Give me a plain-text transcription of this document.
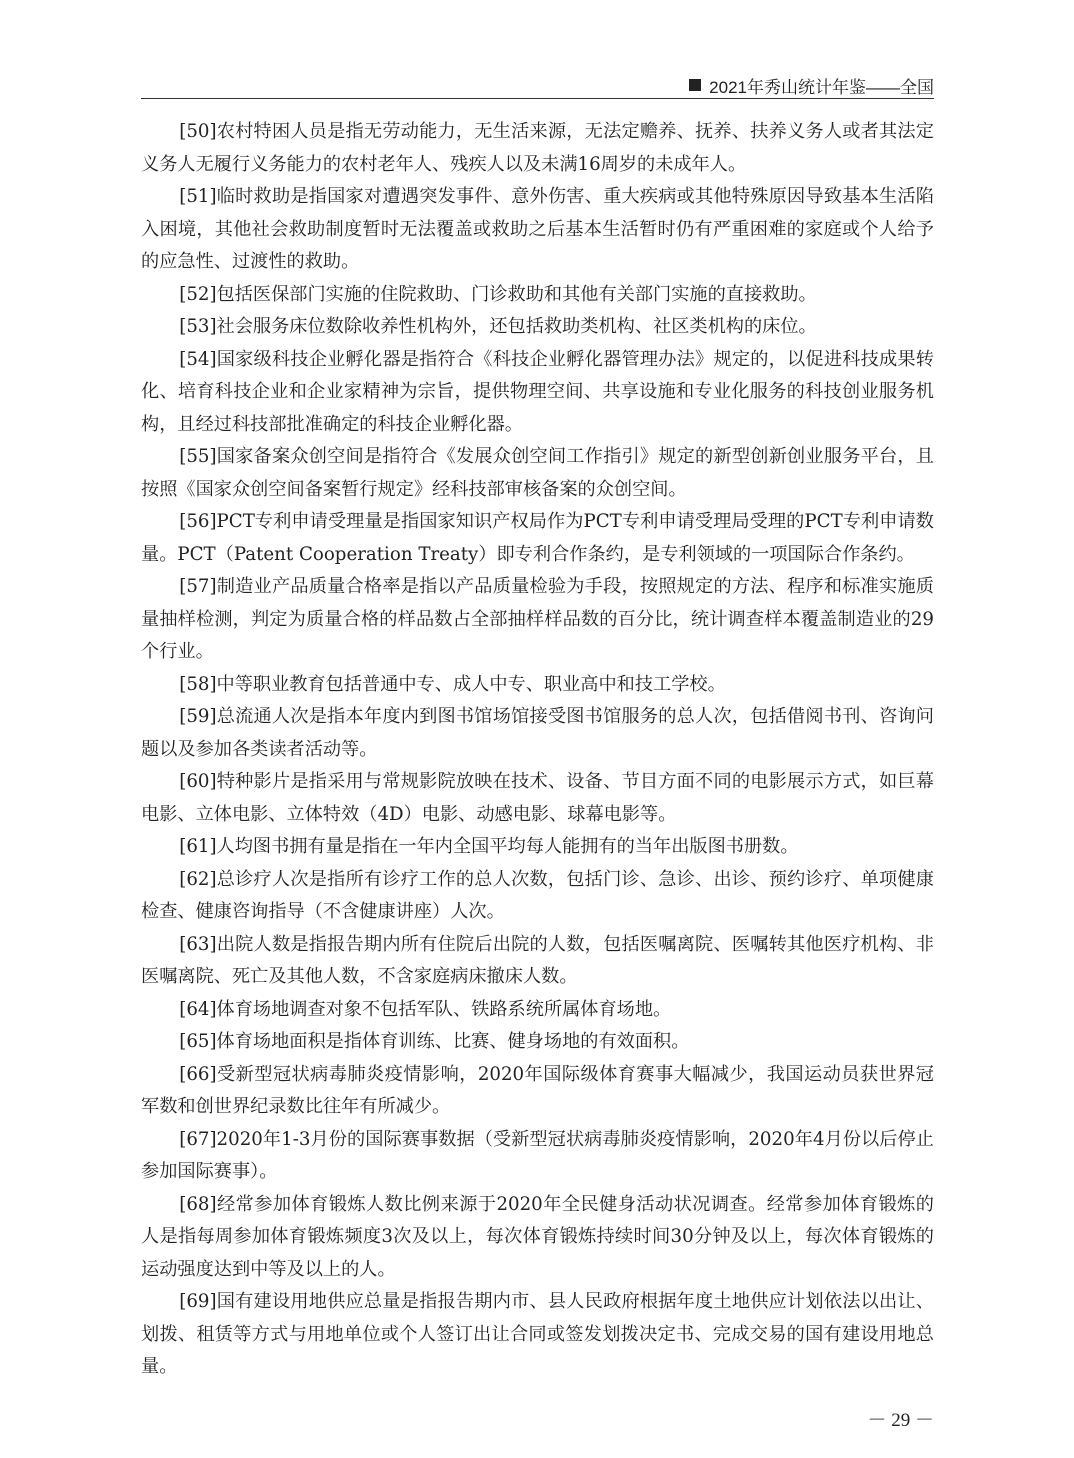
2021年秀山统计年鉴——全国

[50]农村特困人员是指无劳动能力，无生活来源，无法定赡养、抚养、扶养义务人或者其法定义务人无履行义务能力的农村老年人、残疾人以及未满16周岁的未成年人。

[51]临时救助是指国家对遭遇突发事件、意外伤害、重大疾病或其他特殊原因导致基本生活陷入困境，其他社会救助制度暂时无法覆盖或救助之后基本生活暂时仍有严重困难的家庭或个人给予的应急性、过渡性的救助。

[52]包括医保部门实施的住院救助、门诊救助和其他有关部门实施的直接救助。

[53]社会服务床位数除收养性机构外，还包括救助类机构、社区类机构的床位。

[54]国家级科技企业孵化器是指符合《科技企业孵化器管理办法》规定的，以促进科技成果转化、培育科技企业和企业家精神为宗旨，提供物理空间、共享设施和专业化服务的科技创业服务机构，且经过科技部批准确定的科技企业孵化器。

[55]国家备案众创空间是指符合《发展众创空间工作指引》规定的新型创新创业服务平台，且按照《国家众创空间备案暂行规定》经科技部审核备案的众创空间。

[56]PCT专利申请受理量是指国家知识产权局作为PCT专利申请受理局受理的PCT专利申请数量。PCT（Patent Cooperation Treaty）即专利合作条约，是专利领域的一项国际合作条约。

[57]制造业产品质量合格率是指以产品质量检验为手段，按照规定的方法、程序和标准实施质量抽样检测，判定为质量合格的样品数占全部抽样样品数的百分比，统计调查样本覆盖制造业的29个行业。

[58]中等职业教育包括普通中专、成人中专、职业高中和技工学校。

[59]总流通人次是指本年度内到图书馆场馆接受图书馆服务的总人次，包括借阅书刊、咨询问题以及参加各类读者活动等。

[60]特种影片是指采用与常规影院放映在技术、设备、节目方面不同的电影展示方式，如巨幕电影、立体电影、立体特效（4D）电影、动感电影、球幕电影等。

[61]人均图书拥有量是指在一年内全国平均每人能拥有的当年出版图书册数。

[62]总诊疗人次是指所有诊疗工作的总人次数，包括门诊、急诊、出诊、预约诊疗、单项健康检查、健康咨询指导（不含健康讲座）人次。

[63]出院人数是指报告期内所有住院后出院的人数，包括医嘱离院、医嘱转其他医疗机构、非医嘱离院、死亡及其他人数，不含家庭病床撤床人数。

[64]体育场地调查对象不包括军队、铁路系统所属体育场地。

[65]体育场地面积是指体育训练、比赛、健身场地的有效面积。

[66]受新型冠状病毒肺炎疫情影响，2020年国际级体育赛事大幅减少，我国运动员获世界冠军数和创世界纪录数比往年有所减少。

[67]2020年1-3月份的国际赛事数据（受新型冠状病毒肺炎疫情影响，2020年4月份以后停止参加国际赛事）。

[68]经常参加体育锻炼人数比例来源于2020年全民健身活动状况调查。经常参加体育锻炼的人是指每周参加体育锻炼频度3次及以上，每次体育锻炼持续时间30分钟及以上，每次体育锻炼的运动强度达到中等及以上的人。

[69]国有建设用地供应总量是指报告期内市、县人民政府根据年度土地供应计划依法以出让、划拨、租赁等方式与用地单位或个人签订出让合同或签发划拨决定书、完成交易的国有建设用地总量。

－ 29 －
